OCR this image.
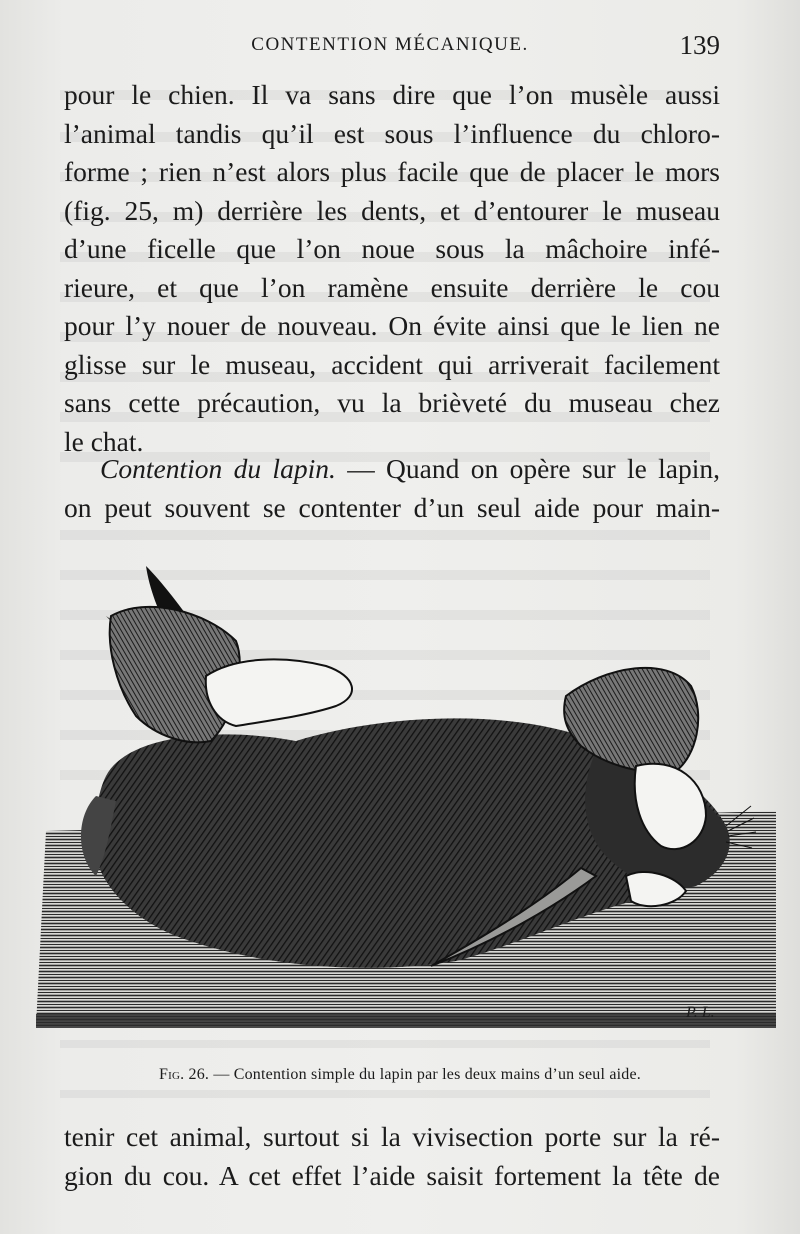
CONTENTION MÉCANIQUE.	139

pour le chien. Il va sans dire que l’on musèle aussi
l’animal tandis qu’il est sous l’influence du chloro-
forme ; rien n’est alors plus facile que de placer le mors
(fig. 25, m) derrière les dents, et d’entourer le museau
d’une ficelle que l’on noue sous la mâchoire infé-
rieure, et que l’on ramène ensuite derrière le cou
pour l’y nouer de nouveau. On évite ainsi que le lien ne
glisse sur le museau, accident qui arriverait facilement
sans cette précaution, vu la brièveté du museau chez
le chat.

Contention du lapin. — Quand on opère sur le lapin,
on peut souvent se contenter d’un seul aide pour main-

P. L.
Fig. 26. — Contention simple du lapin par les deux mains d’un seul aide.

tenir cet animal, surtout si la vivisection porte sur la ré-
gion du cou. A cet effet l’aide saisit fortement la tête de
